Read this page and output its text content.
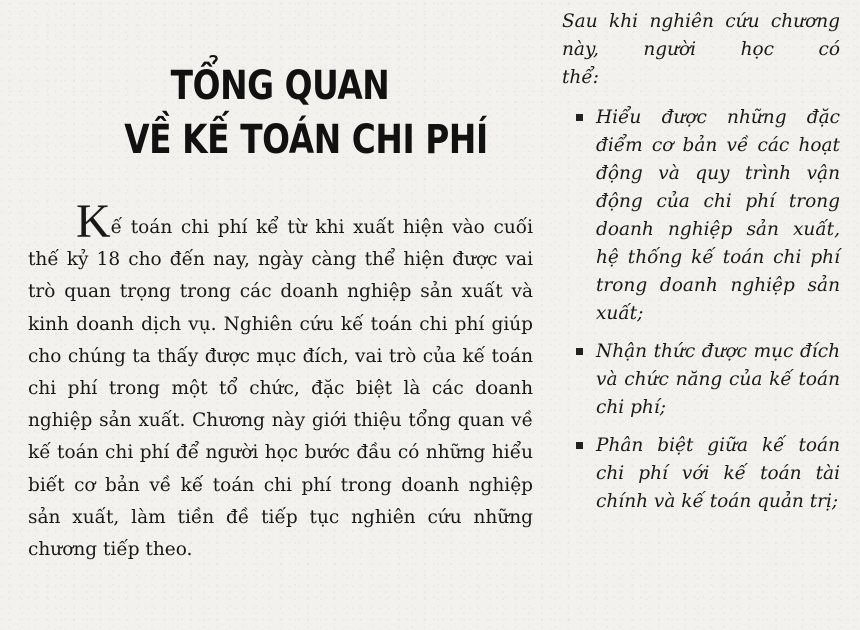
TỔNG QUAN
VỀ KẾ TOÁN CHI PHÍ

Kế toán chi phí kể từ khi xuất hiện vào cuối thế kỷ 18 cho đến nay, ngày càng thể hiện được vai trò quan trọng trong các doanh nghiệp sản xuất và kinh doanh dịch vụ. Nghiên cứu kế toán chi phí giúp cho chúng ta thấy được mục đích, vai trò của kế toán chi phí trong một tổ chức, đặc biệt là các doanh nghiệp sản xuất. Chương này giới thiệu tổng quan về kế toán chi phí để người học bước đầu có những hiểu biết cơ bản về kế toán chi phí trong doanh nghiệp sản xuất, làm tiền đề tiếp tục nghiên cứu những chương tiếp theo.

Sau khi nghiên cứu chương này, người học có
thể:

Hiểu được những đặc điểm cơ bản về các hoạt động và quy trình vận động của chi phí trong doanh nghiệp sản xuất, hệ thống kế toán chi phí trong doanh nghiệp sản xuất;
Nhận thức được mục đích và chức năng của kế toán chi phí;
Phân biệt giữa kế toán chi phí với kế toán tài chính và kế toán quản trị;
